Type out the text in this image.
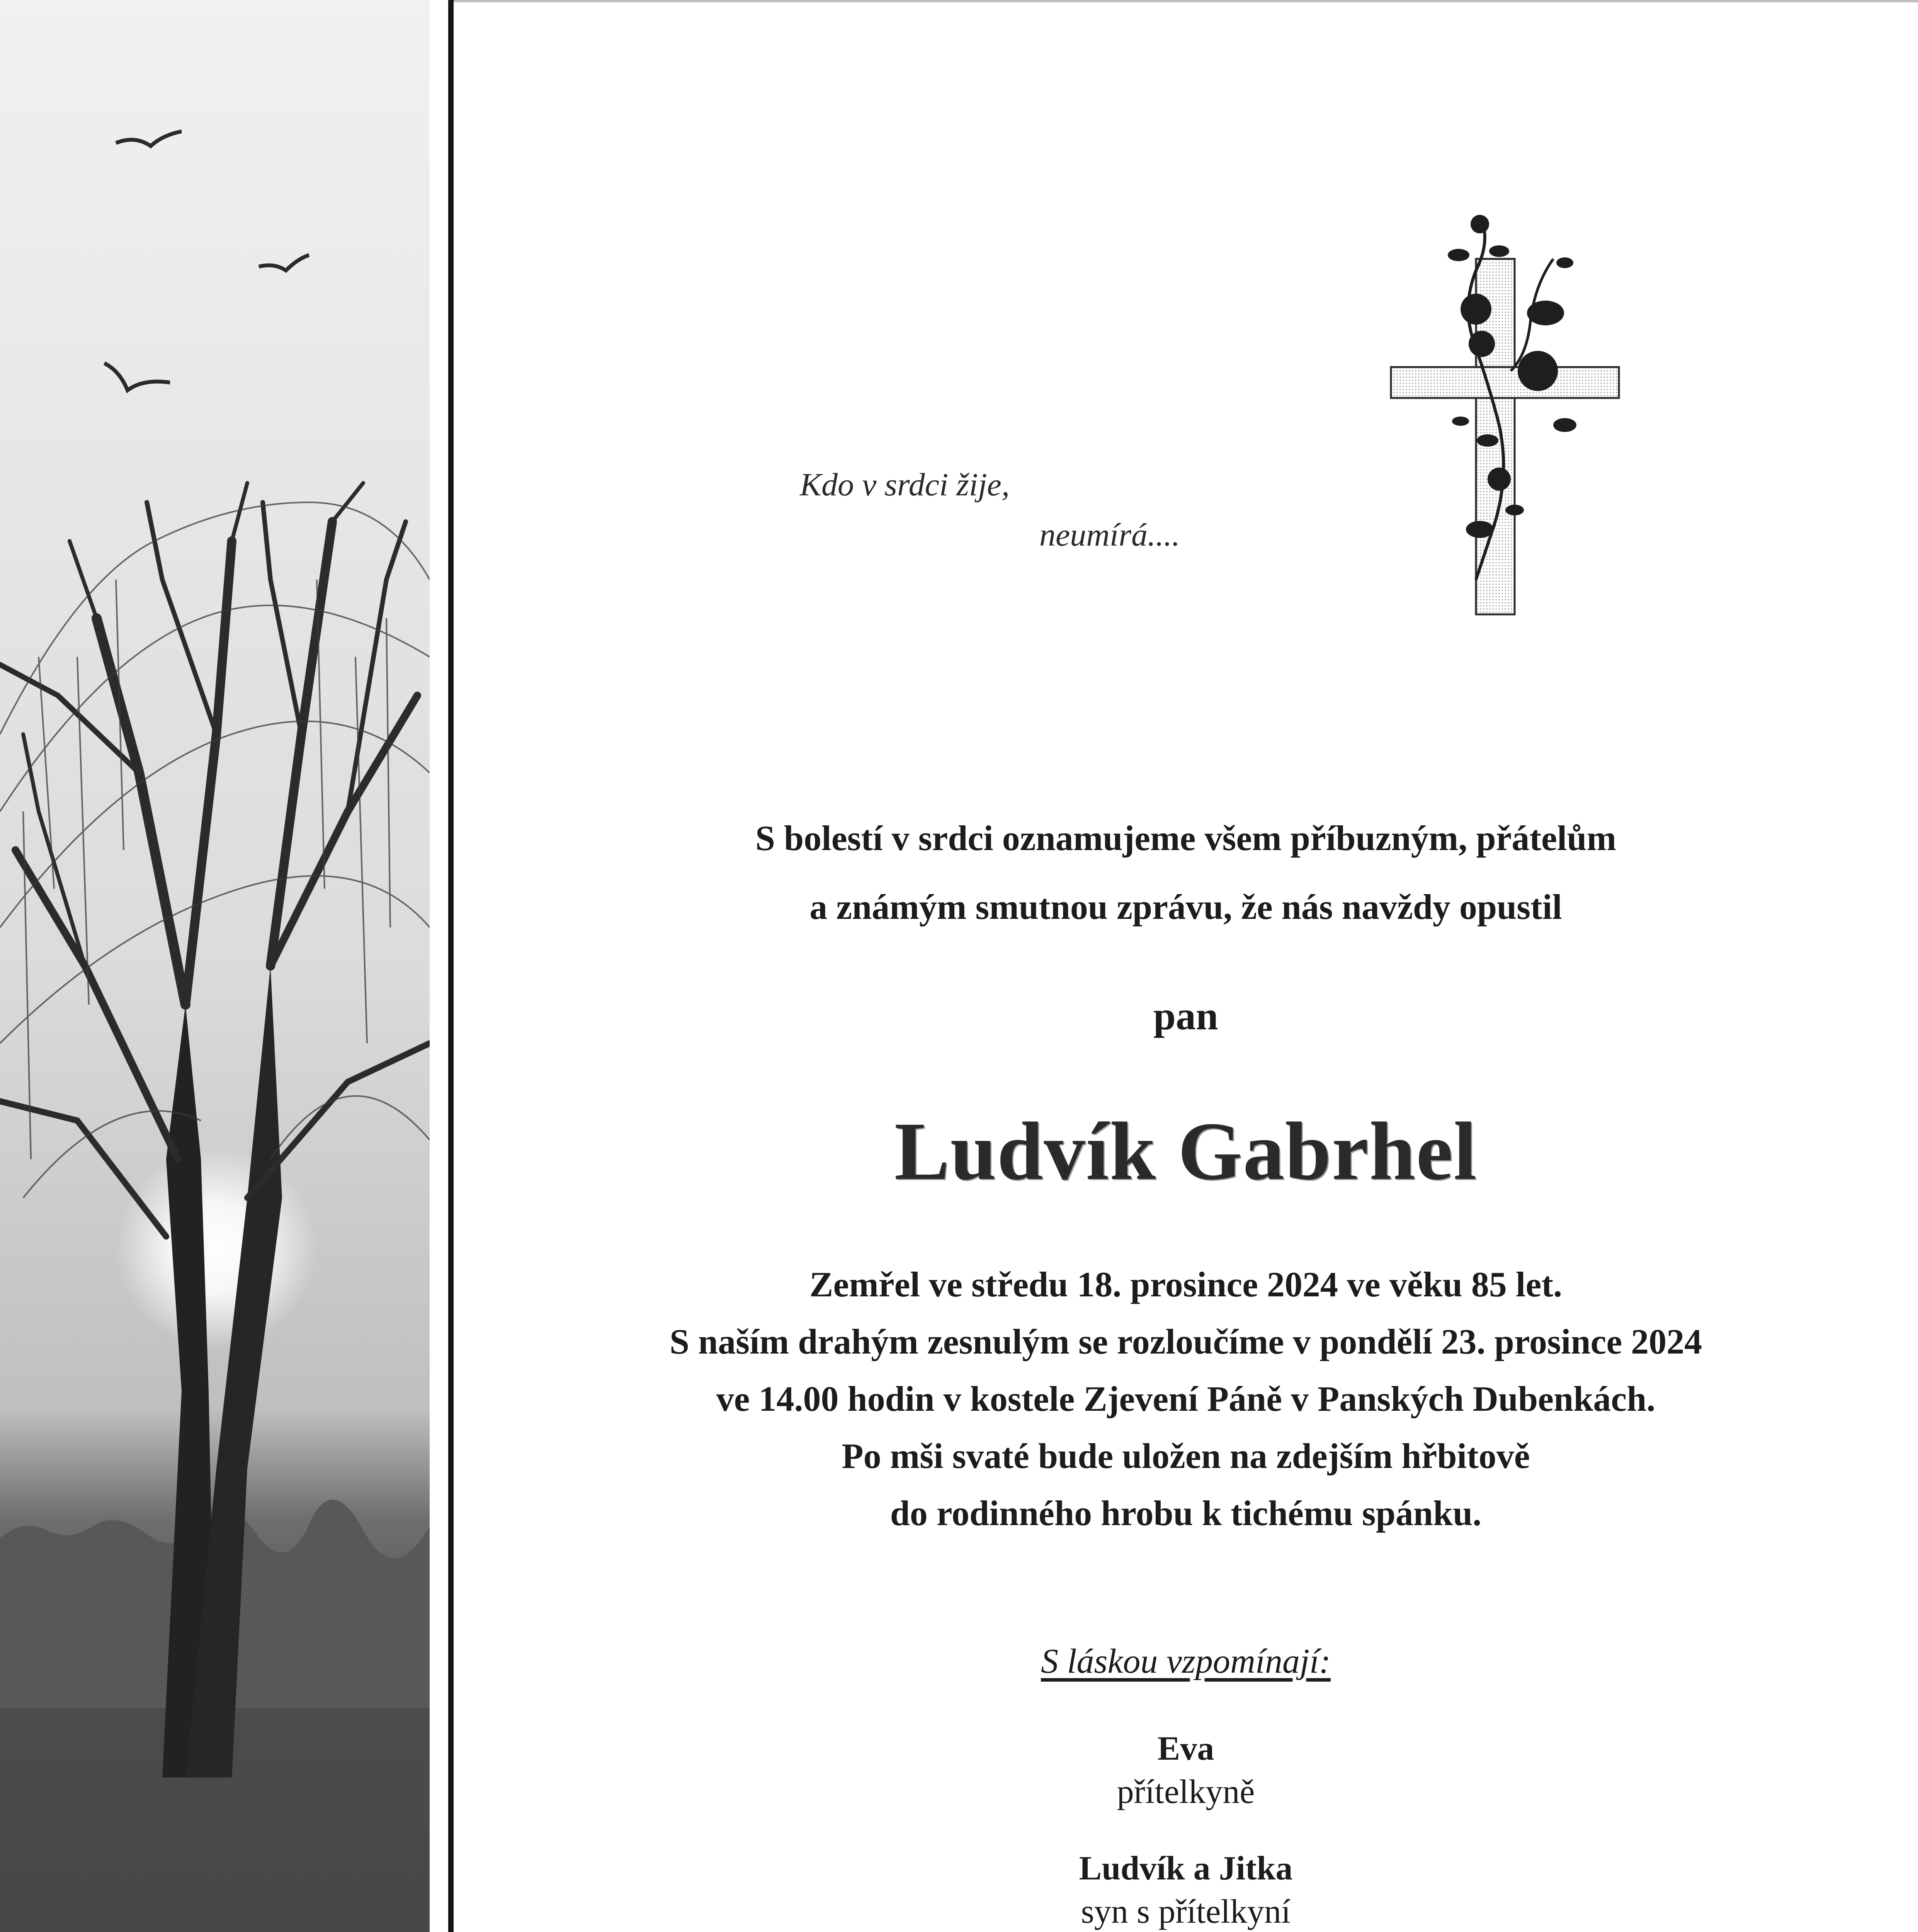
Kdo v srdci žije,
neumírá....
S bolestí v srdci oznamujeme všem příbuzným, přátelům
a známým smutnou zprávu, že nás navždy opustil
pan
Ludvík Gabrhel
Zemřel ve středu 18. prosince 2024 ve věku 85 let.
S naším drahým zesnulým se rozloučíme v pondělí 23. prosince 2024
ve 14.00 hodin v kostele Zjevení Páně v Panských Dubenkách.
Po mši svaté bude uložen na zdejším hřbitově
do rodinného hrobu k tichému spánku.
S láskou vzpomínají:
Eva
přítelkyně
Ludvík a Jitka
syn s přítelkyní
